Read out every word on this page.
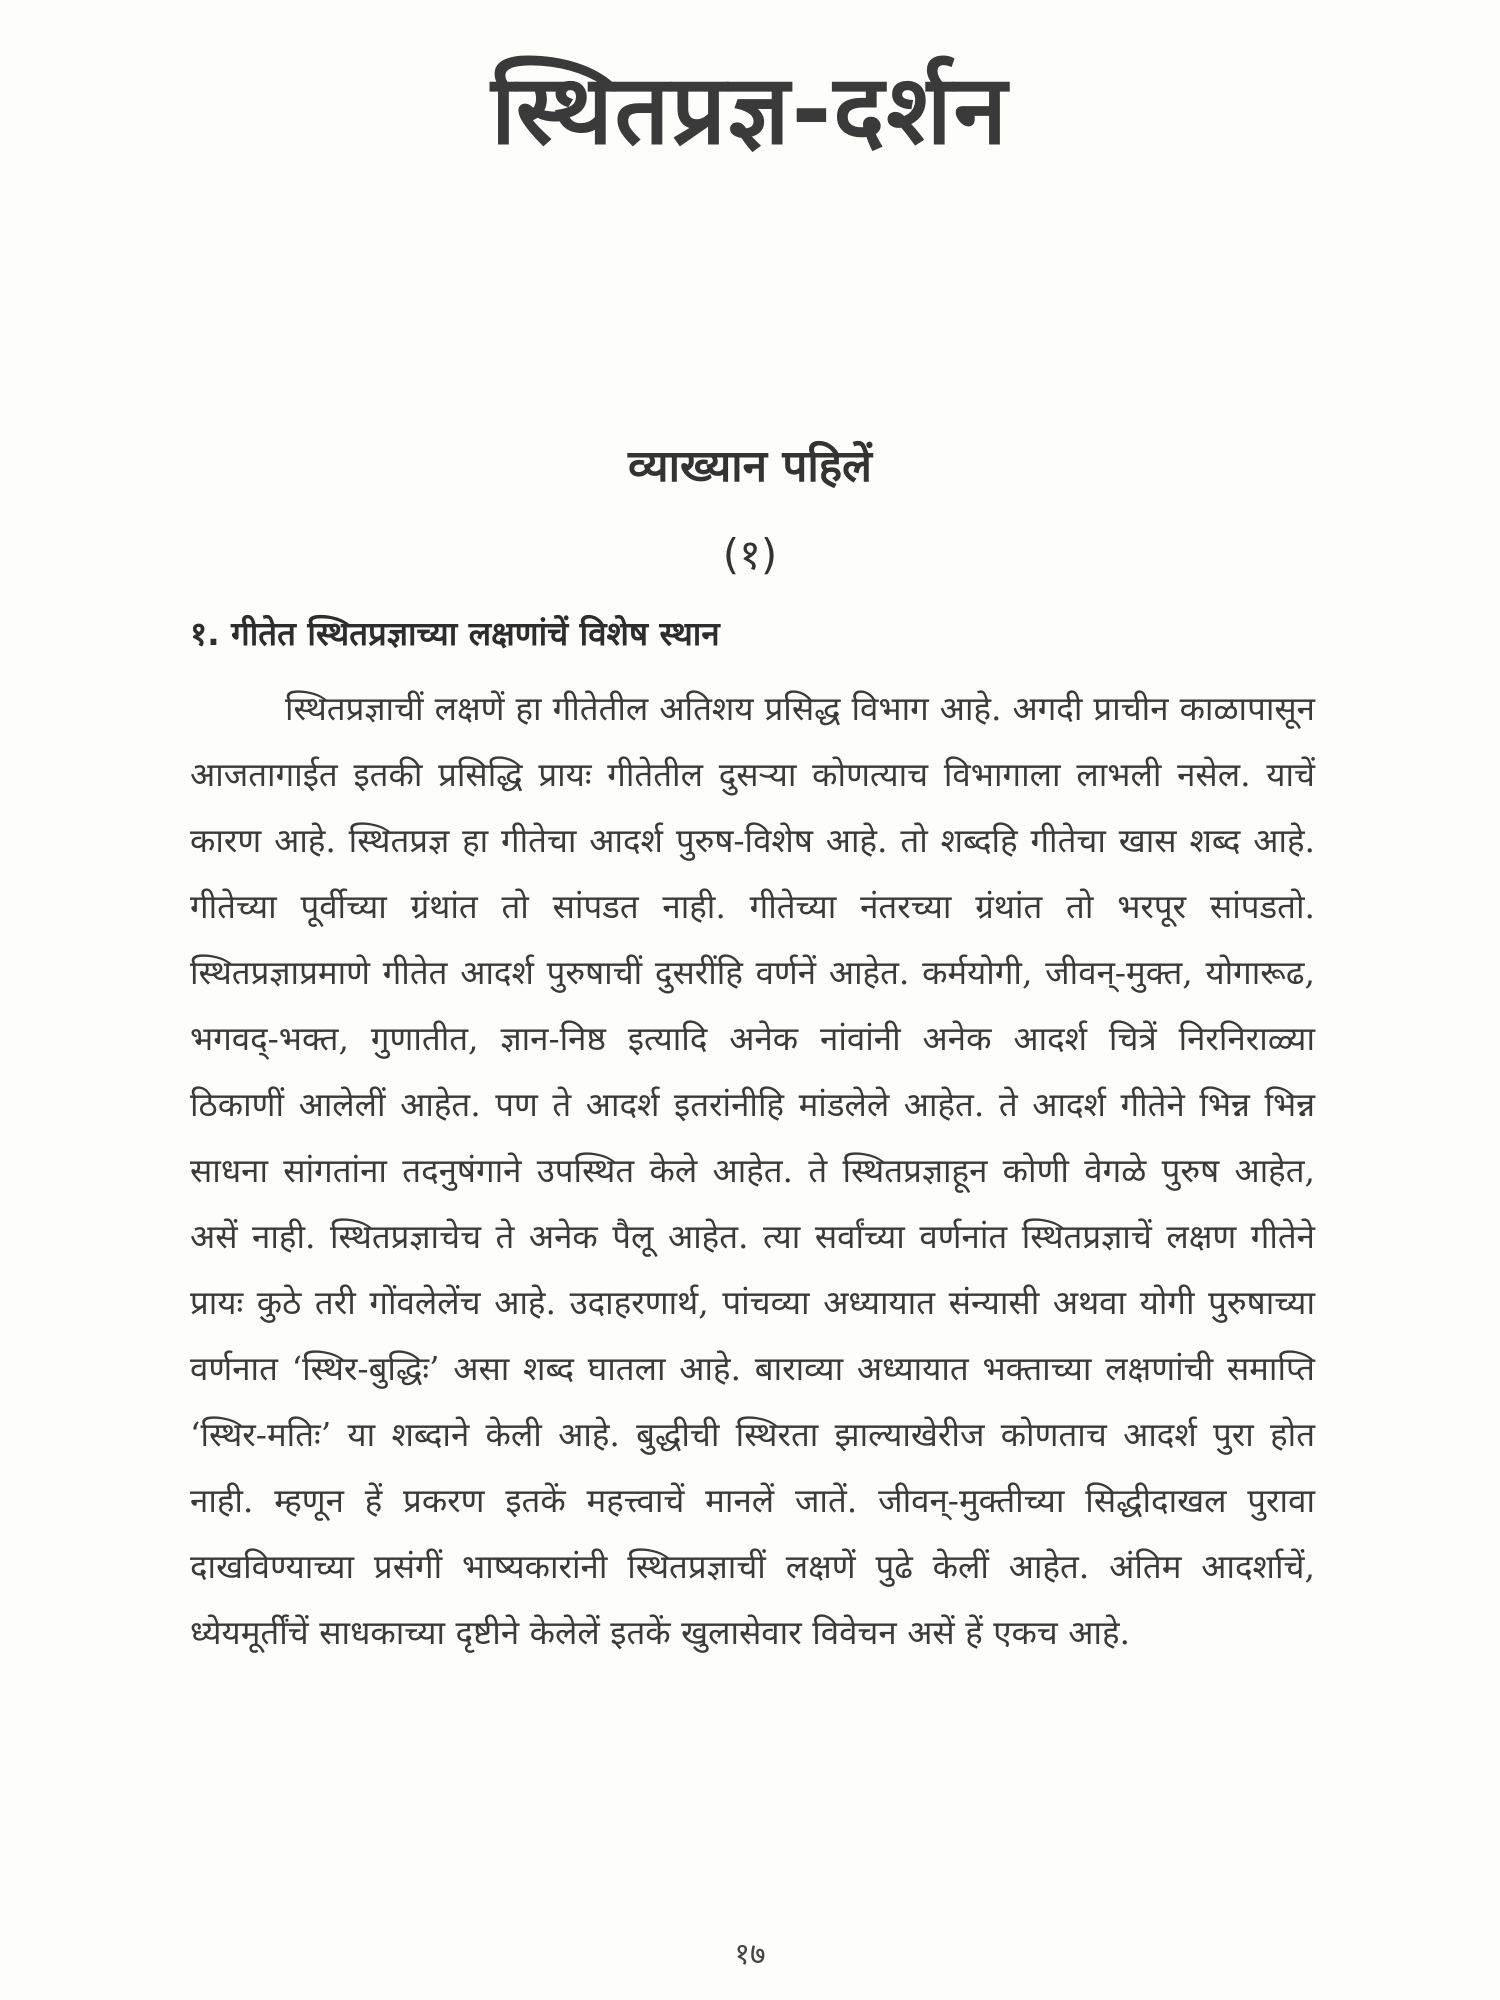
स्थितप्रज्ञ-दर्शन
व्याख्यान पहिलें
(१)
१. गीतेत स्थितप्रज्ञाच्या लक्षणांचें विशेष स्थान

स्थितप्रज्ञाचीं लक्षणें हा गीतेतील अतिशय प्रसिद्ध विभाग आहे. अगदी प्राचीन काळापासून आजतागाईत इतकी प्रसिद्धि प्रायः गीतेतील दुसऱ्या कोणत्याच विभागाला लाभली नसेल. याचें कारण आहे. स्थितप्रज्ञ हा गीतेचा आदर्श पुरुष-विशेष आहे. तो शब्दहि गीतेचा खास शब्द आहे. गीतेच्या पूर्वीच्या ग्रंथांत तो सांपडत नाही. गीतेच्या नंतरच्या ग्रंथांत तो भरपूर सांपडतो. स्थितप्रज्ञाप्रमाणे गीतेत आदर्श पुरुषाचीं दुसरींहि वर्णनें आहेत. कर्मयोगी, जीवन्-मुक्त, योगारूढ, भगवद्-भक्त, गुणातीत, ज्ञान-निष्ठ इत्यादि अनेक नांवांनी अनेक आदर्श चित्रें निरनिराळ्या ठिकाणीं आलेलीं आहेत. पण ते आदर्श इतरांनीहि मांडलेले आहेत. ते आदर्श गीतेने भिन्न भिन्न साधना सांगतांना तदनुषंगाने उपस्थित केले आहेत. ते स्थितप्रज्ञाहून कोणी वेगळे पुरुष आहेत, असें नाही. स्थितप्रज्ञाचेच ते अनेक पैलू आहेत. त्या सर्वांच्या वर्णनांत स्थितप्रज्ञाचें लक्षण गीतेने प्रायः कुठे तरी गोंवलेलेंच आहे. उदाहरणार्थ, पांचव्या अध्यायात संन्यासी अथवा योगी पुरुषाच्या वर्णनात ‘स्थिर-बुद्धिः’ असा शब्द घातला आहे. बाराव्या अध्यायात भक्ताच्या लक्षणांची समाप्ति ‘स्थिर-मतिः’ या शब्दाने केली आहे. बुद्धीची स्थिरता झाल्याखेरीज कोणताच आदर्श पुरा होत नाही. म्हणून हें प्रकरण इतकें महत्त्वाचें मानलें जातें. जीवन्-मुक्तीच्या सिद्धीदाखल पुरावा दाखविण्याच्या प्रसंगीं भाष्यकारांनी स्थितप्रज्ञाचीं लक्षणें पुढे केलीं आहेत. अंतिम आदर्शाचें, ध्येयमूर्तींचें साधकाच्या दृष्टीने केलेलें इतकें खुलासेवार विवेचन असें हें एकच आहे.

१७
